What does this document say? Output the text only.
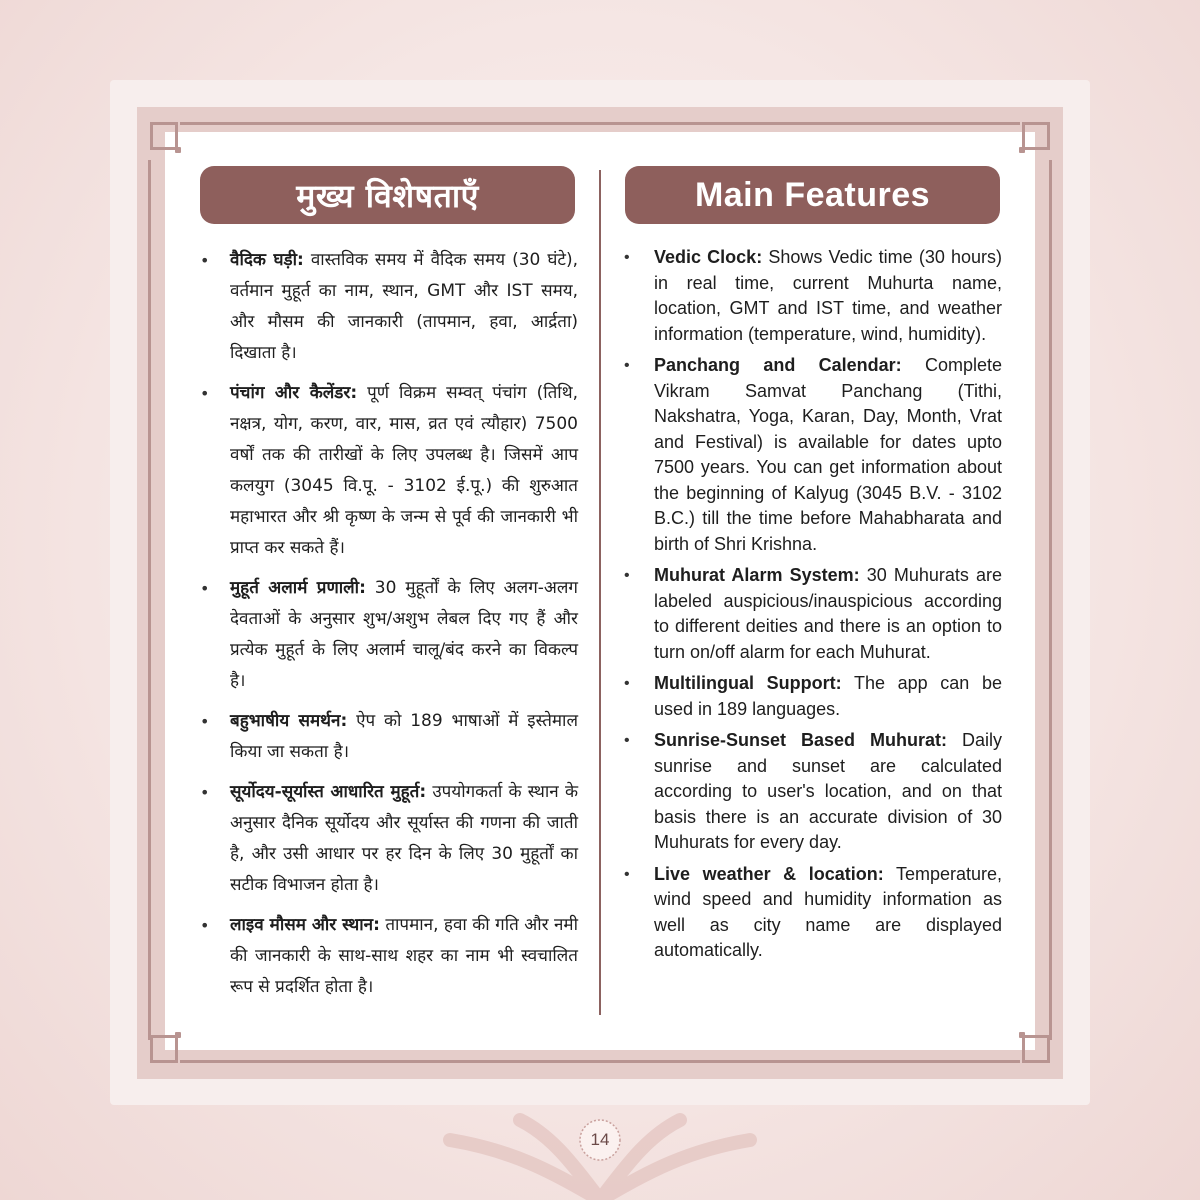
मुख्य विशेषताएँ	Main Features
• वैदिक घड़ी: वास्तविक समय में वैदिक समय (30 घंटे), वर्तमान मुहूर्त का नाम, स्थान, GMT और IST समय, और मौसम की जानकारी (तापमान, हवा, आर्द्रता) दिखाता है।
• पंचांग और कैलेंडर: पूर्ण विक्रम सम्वत् पंचांग (तिथि, नक्षत्र, योग, करण, वार, मास, व्रत एवं त्यौहार) 7500 वर्षों तक की तारीखों के लिए उपलब्ध है। जिसमें आप कलयुग (3045 वि.पू. - 3102 ई.पू.) की शुरुआत महाभारत और श्री कृष्ण के जन्म से पूर्व की जानकारी भी प्राप्त कर सकते हैं।
• मुहूर्त अलार्म प्रणाली: 30 मुहूर्तों के लिए अलग-अलग देवताओं के अनुसार शुभ/अशुभ लेबल दिए गए हैं और प्रत्येक मुहूर्त के लिए अलार्म चालू/बंद करने का विकल्प है।
• बहुभाषीय समर्थन: ऐप को 189 भाषाओं में इस्तेमाल किया जा सकता है।
• सूर्योदय-सूर्यास्त आधारित मुहूर्त: उपयोगकर्ता के स्थान के अनुसार दैनिक सूर्योदय और सूर्यास्त की गणना की जाती है, और उसी आधार पर हर दिन के लिए 30 मुहूर्तों का सटीक विभाजन होता है।
• लाइव मौसम और स्थान: तापमान, हवा की गति और नमी की जानकारी के साथ-साथ शहर का नाम भी स्वचालित रूप से प्रदर्शित होता है।
• Vedic Clock: Shows Vedic time (30 hours) in real time, current Muhurta name, location, GMT and IST time, and weather information (temperature, wind, humidity).
• Panchang and Calendar: Complete Vikram Samvat Panchang (Tithi, Nakshatra, Yoga, Karan, Day, Month, Vrat and Festival) is available for dates upto 7500 years. You can get information about the beginning of Kalyug (3045 B.V. - 3102 B.C.) till the time before Mahabharata and birth of Shri Krishna.
• Muhurat Alarm System: 30 Muhurats are labeled auspicious/inauspicious according to different deities and there is an option to turn on/off alarm for each Muhurat.
• Multilingual Support: The app can be used in 189 languages.
• Sunrise-Sunset Based Muhurat: Daily sunrise and sunset are calculated according to user's location, and on that basis there is an accurate division of 30 Muhurats for every day.
• Live weather & location: Temperature, wind speed and humidity information as well as city name are displayed automatically.
14
